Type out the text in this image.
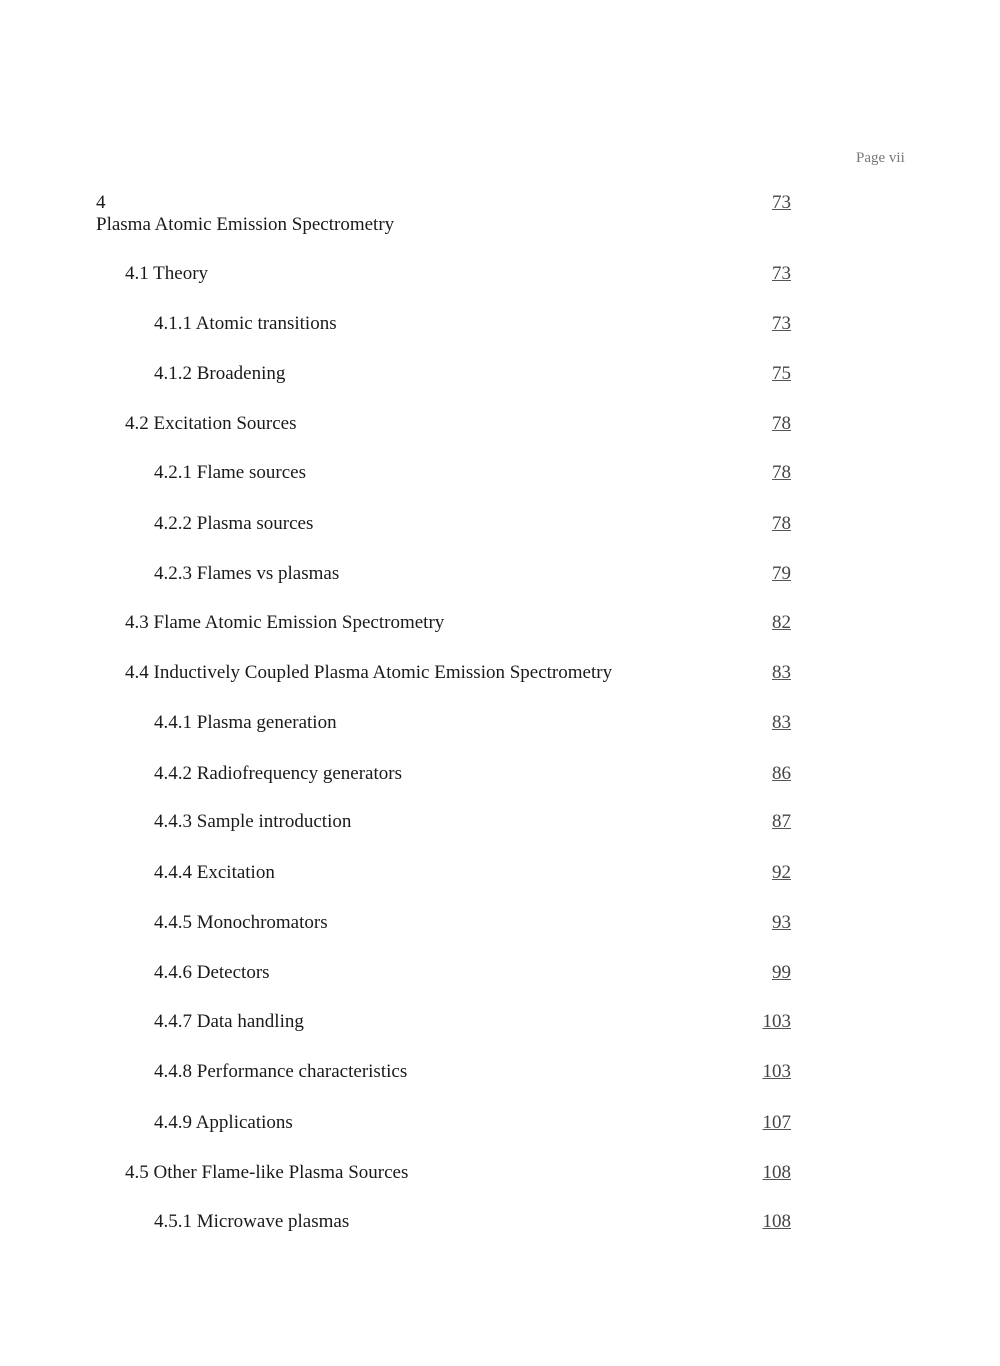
Page vii
4	73
Plasma Atomic Emission Spectrometry
4.1 Theory	73
4.1.1 Atomic transitions	73
4.1.2 Broadening	75
4.2 Excitation Sources	78
4.2.1 Flame sources	78
4.2.2 Plasma sources	78
4.2.3 Flames vs plasmas	79
4.3 Flame Atomic Emission Spectrometry	82
4.4 Inductively Coupled Plasma Atomic Emission Spectrometry	83
4.4.1 Plasma generation	83
4.4.2 Radiofrequency generators	86
4.4.3 Sample introduction	87
4.4.4 Excitation	92
4.4.5 Monochromators	93
4.4.6 Detectors	99
4.4.7 Data handling	103
4.4.8 Performance characteristics	103
4.4.9 Applications	107
4.5 Other Flame-like Plasma Sources	108
4.5.1 Microwave plasmas	108
